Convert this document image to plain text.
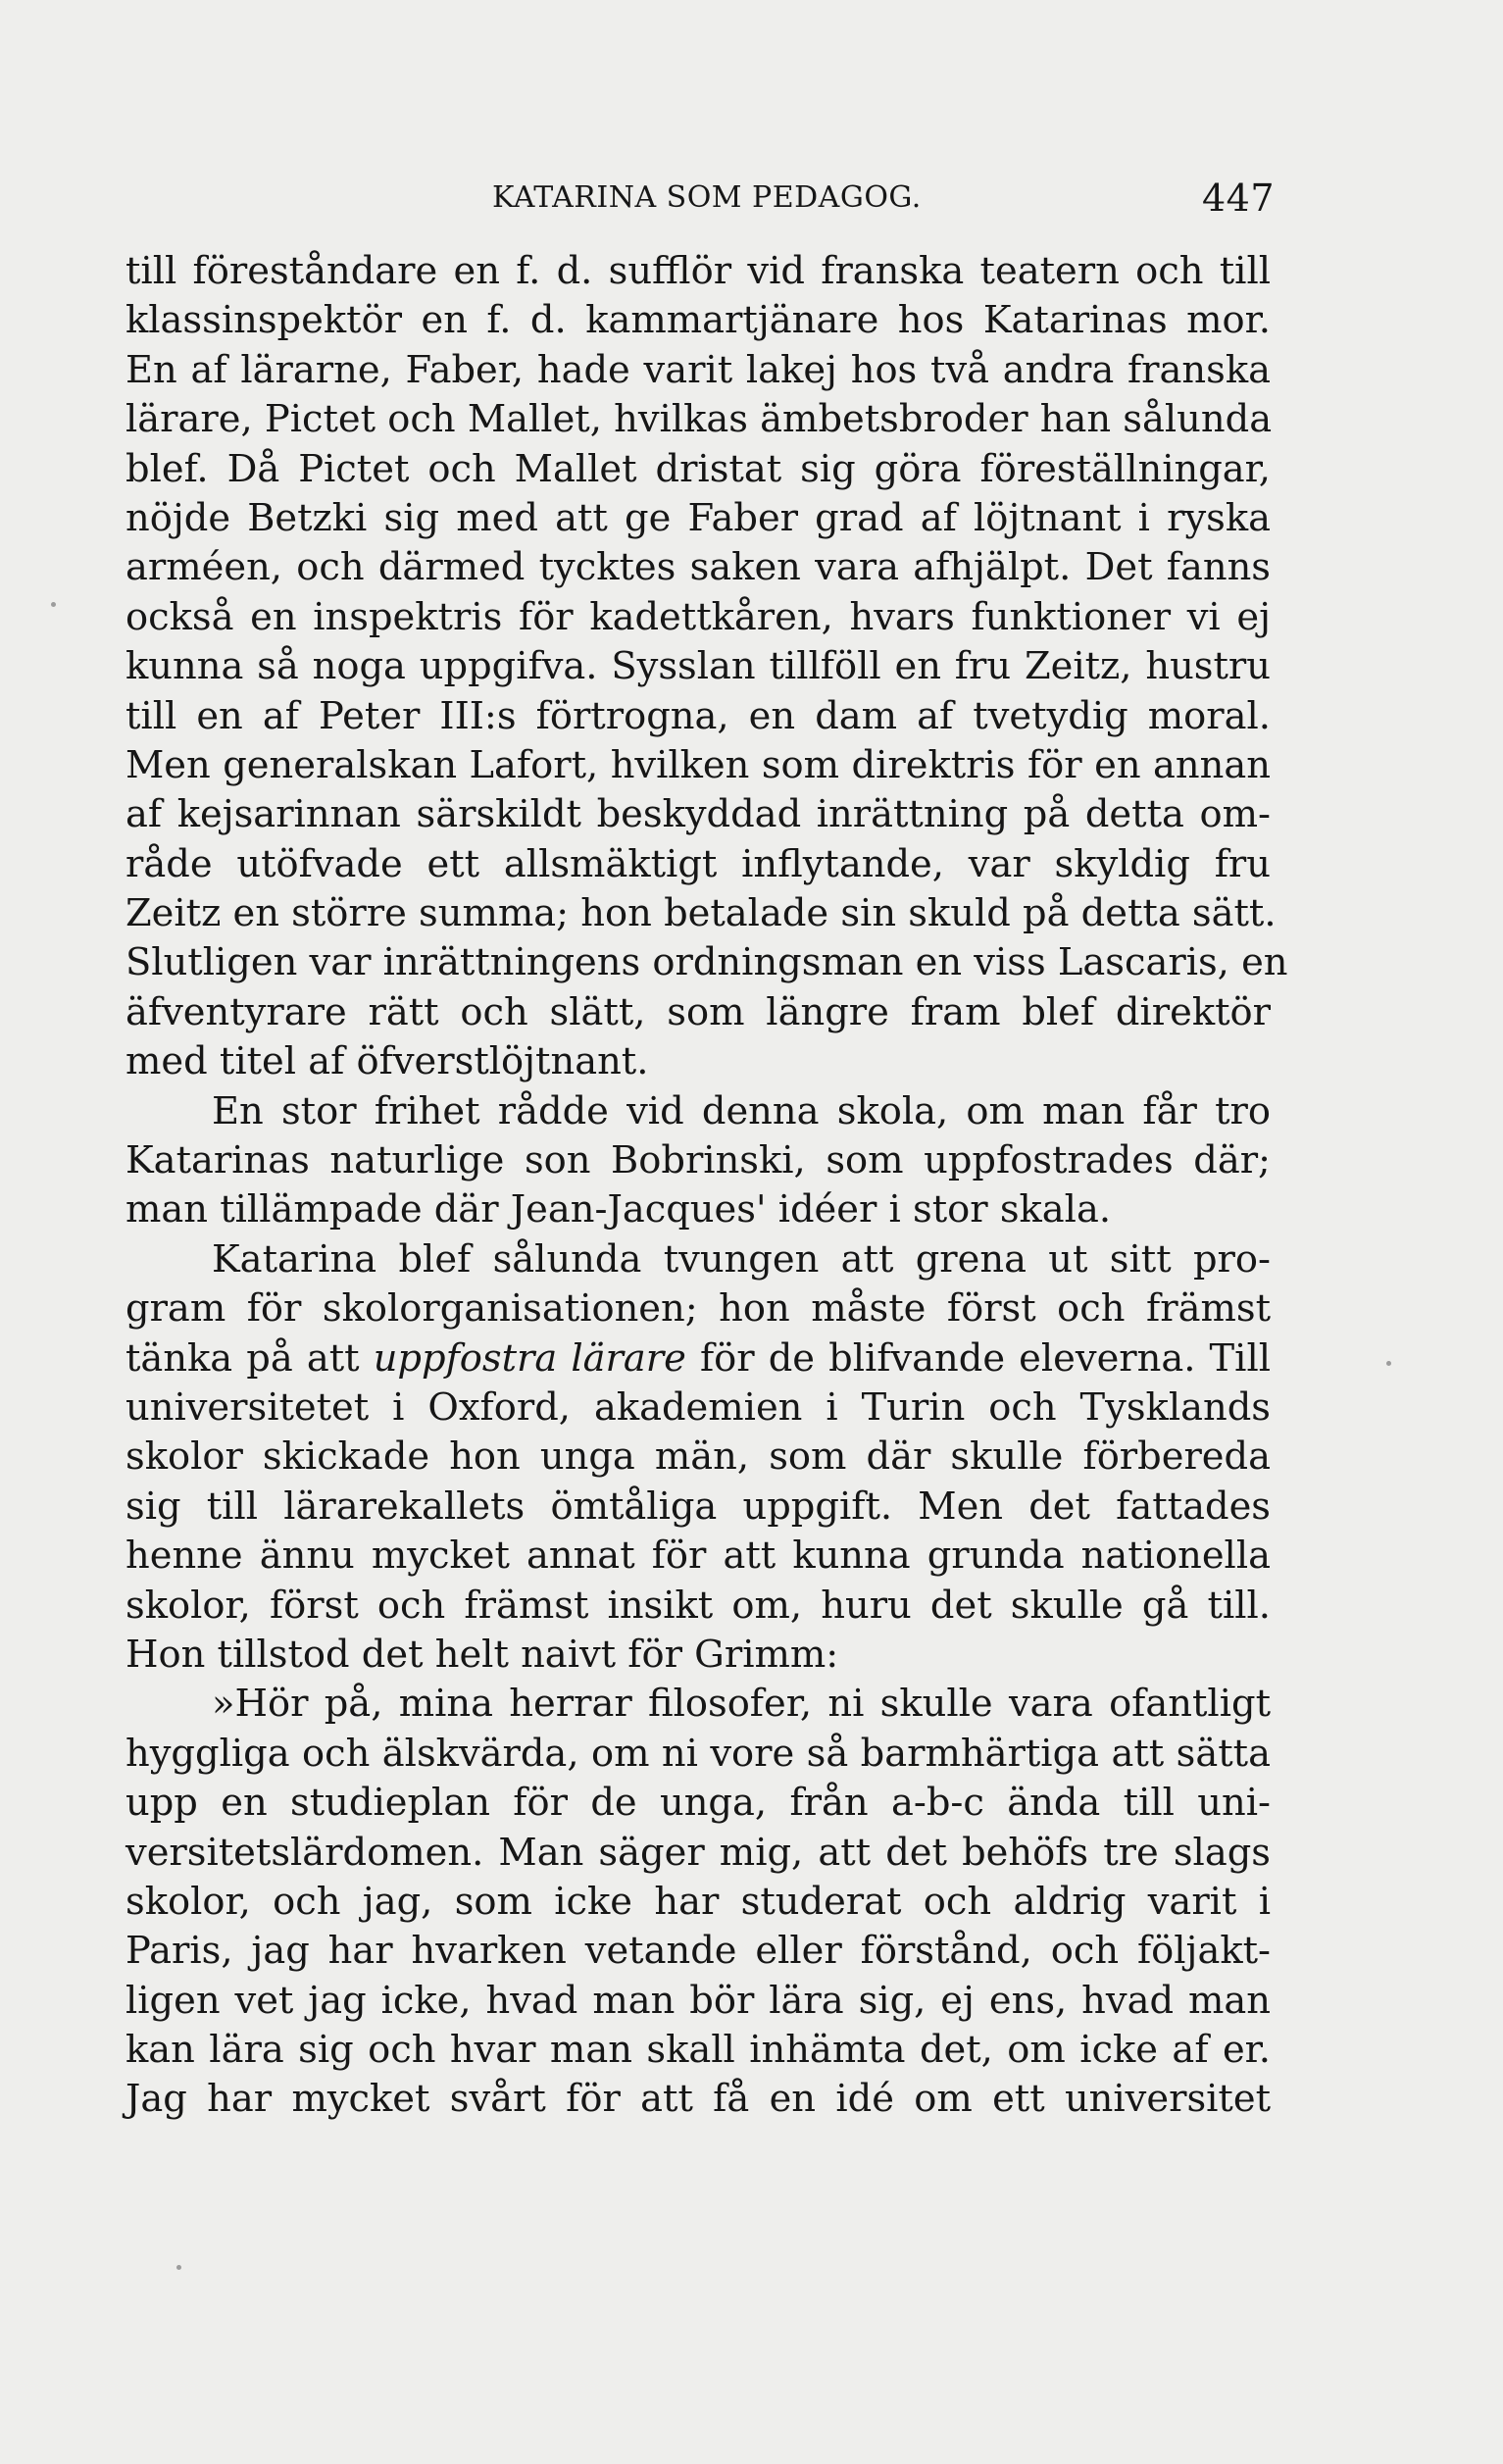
KATARINA SOM PEDAGOG.	447
till föreståndare en f. d. sufflör vid franska teatern och till
klassinspektör en f. d. kammartjänare hos Katarinas mor.
En af lärarne, Faber, hade varit lakej hos två andra franska
lärare, Pictet och Mallet, hvilkas ämbetsbroder han sålunda
blef. Då Pictet och Mallet dristat sig göra föreställningar,
nöjde Betzki sig med att ge Faber grad af löjtnant i ryska
arméen, och därmed tycktes saken vara afhjälpt. Det fanns
också en inspektris för kadettkåren, hvars funktioner vi ej
kunna så noga uppgifva. Sysslan tillföll en fru Zeitz, hustru
till en af Peter III:s förtrogna, en dam af tvetydig moral.
Men generalskan Lafort, hvilken som direktris för en annan
af kejsarinnan särskildt beskyddad inrättning på detta om-
råde utöfvade ett allsmäktigt inflytande, var skyldig fru
Zeitz en större summa; hon betalade sin skuld på detta sätt.
Slutligen var inrättningens ordningsman en viss Lascaris, en
äfventyrare rätt och slätt, som längre fram blef direktör
med titel af öfverstlöjtnant.
En stor frihet rådde vid denna skola, om man får tro
Katarinas naturlige son Bobrinski, som uppfostrades där;
man tillämpade där Jean-Jacques' idéer i stor skala.
Katarina blef sålunda tvungen att grena ut sitt pro-
gram för skolorganisationen; hon måste först och främst
tänka på att uppfostra lärare för de blifvande eleverna. Till
universitetet i Oxford, akademien i Turin och Tysklands
skolor skickade hon unga män, som där skulle förbereda
sig till lärarekallets ömtåliga uppgift. Men det fattades
henne ännu mycket annat för att kunna grunda nationella
skolor, först och främst insikt om, huru det skulle gå till.
Hon tillstod det helt naivt för Grimm:
»Hör på, mina herrar filosofer, ni skulle vara ofantligt
hyggliga och älskvärda, om ni vore så barmhärtiga att sätta
upp en studieplan för de unga, från a-b-c ända till uni-
versitetslärdomen. Man säger mig, att det behöfs tre slags
skolor, och jag, som icke har studerat och aldrig varit i
Paris, jag har hvarken vetande eller förstånd, och följakt-
ligen vet jag icke, hvad man bör lära sig, ej ens, hvad man
kan lära sig och hvar man skall inhämta det, om icke af er.
Jag har mycket svårt för att få en idé om ett universitet
